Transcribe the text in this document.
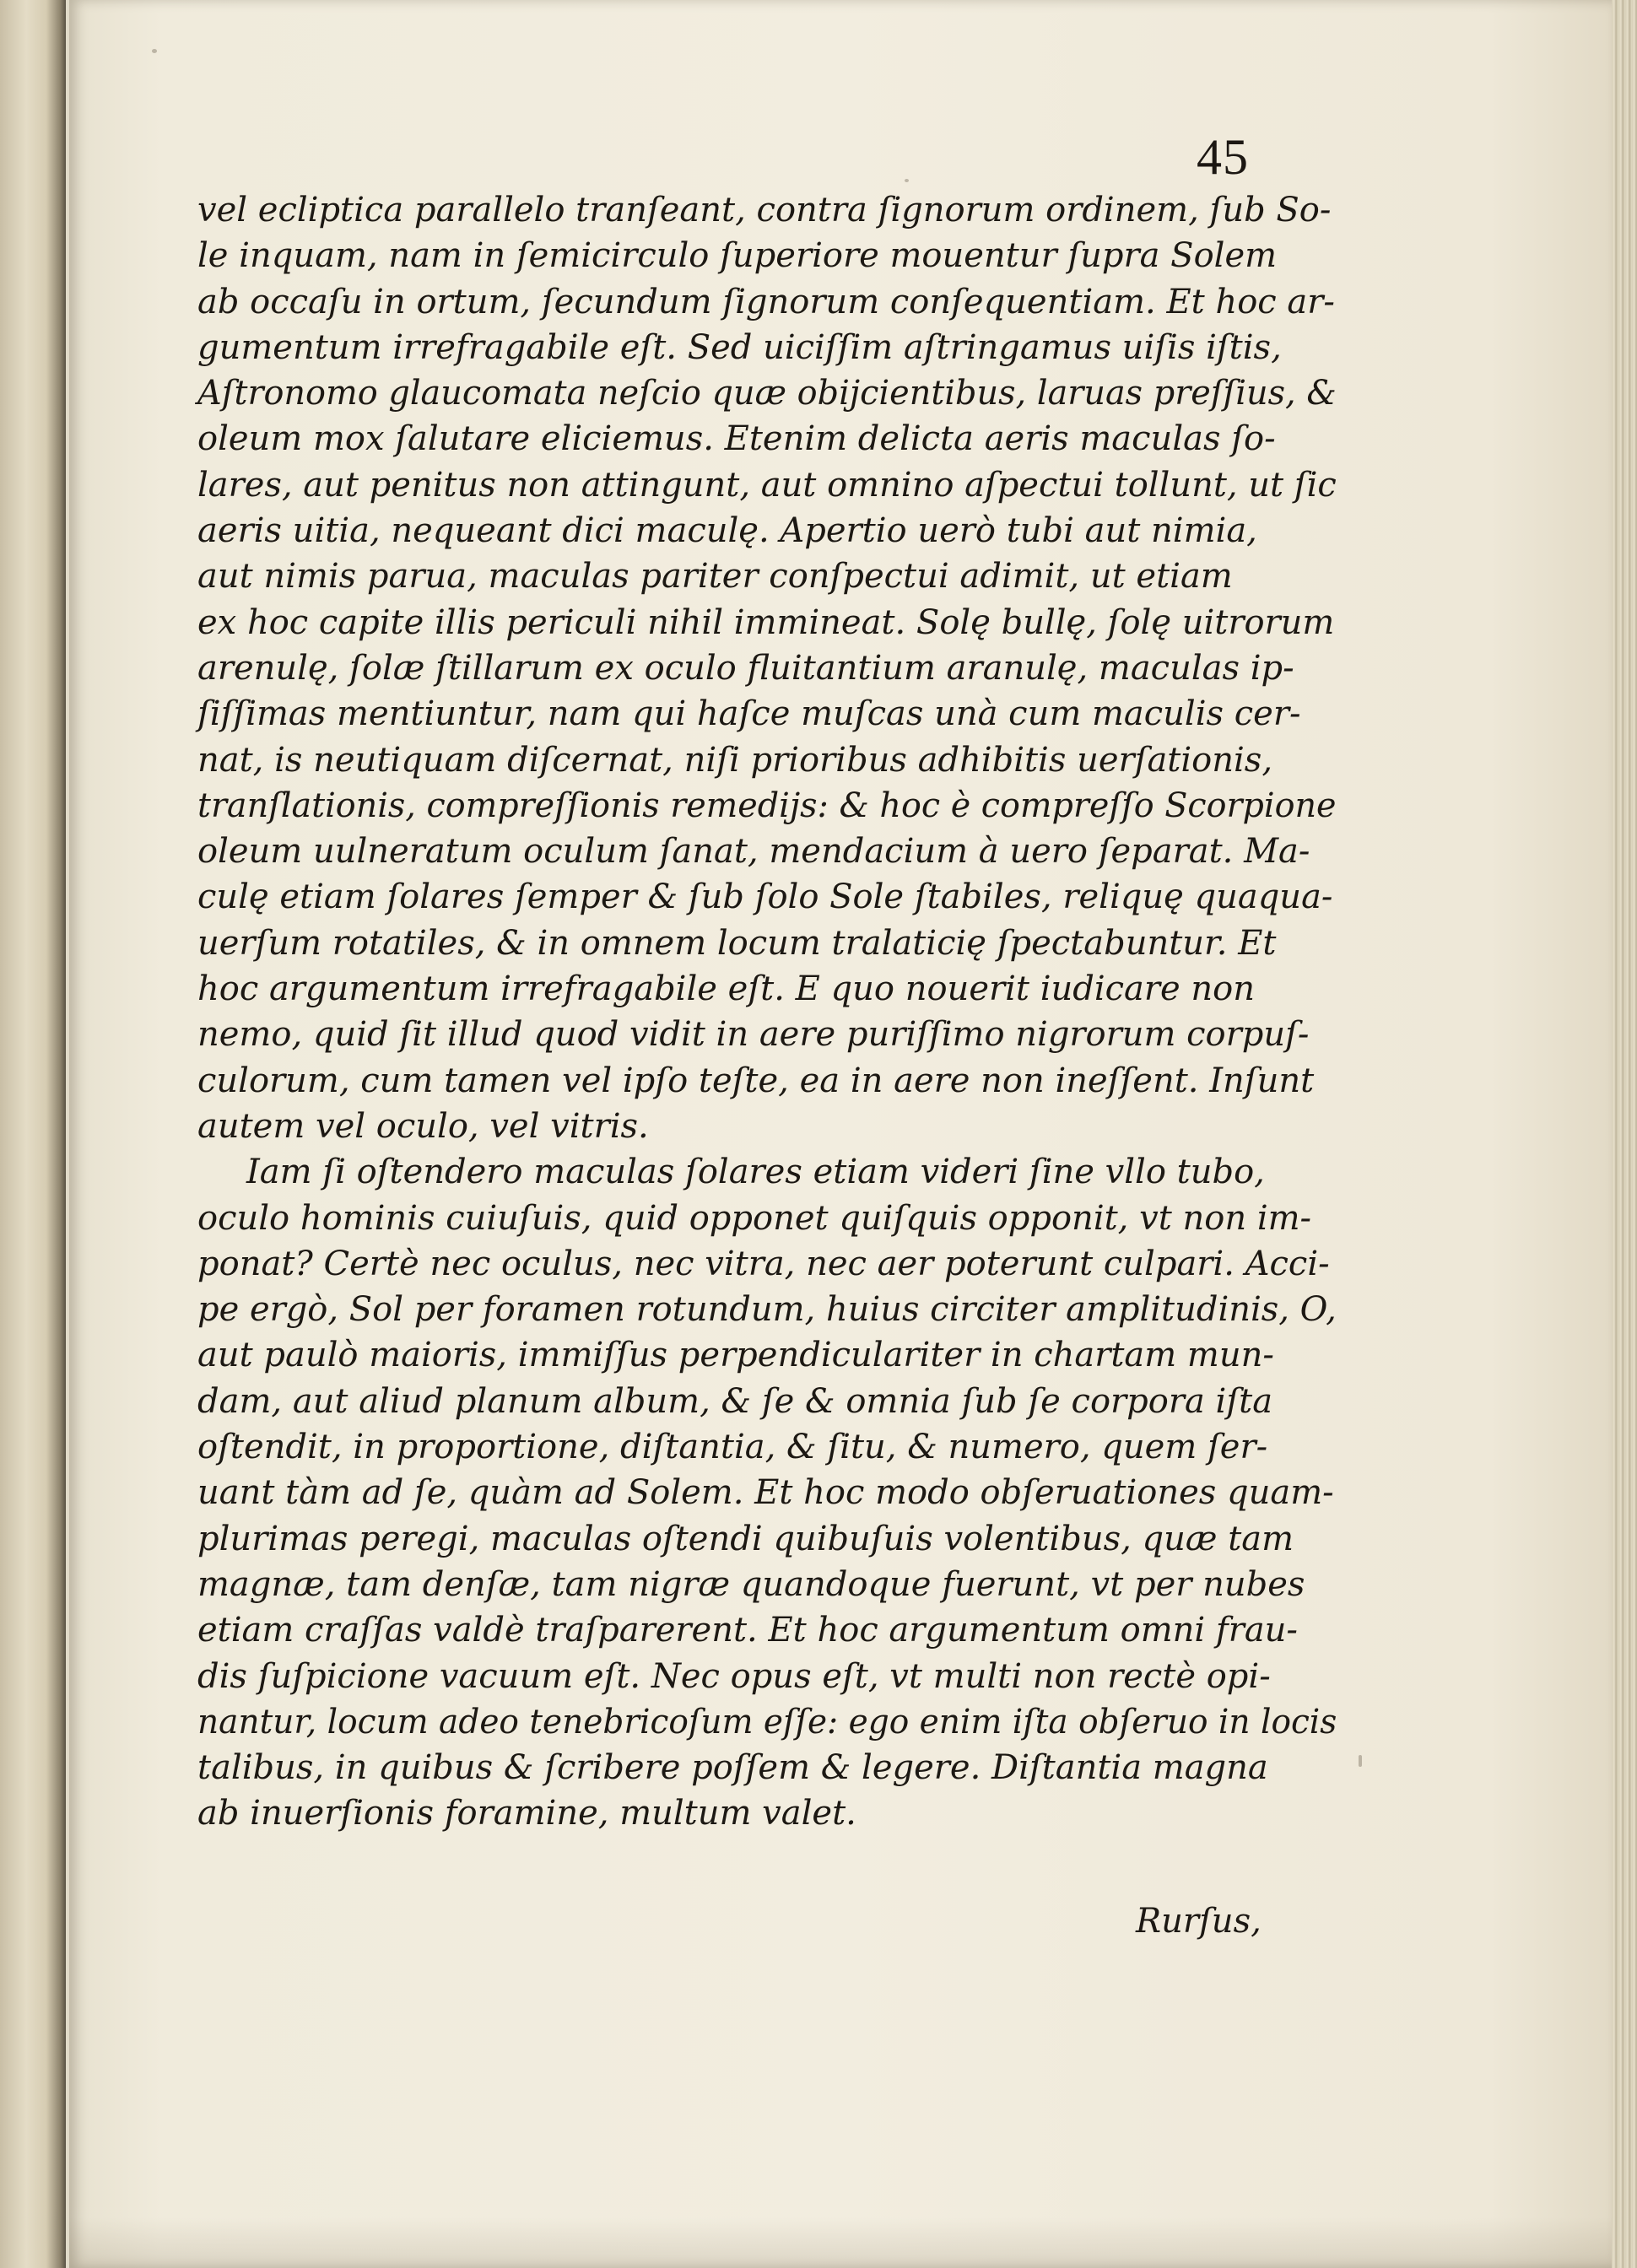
45
vel ecliptica parallelo tranſeant, contra ſignorum ordinem, ſub So-
le inquam, nam in ſemicirculo ſuperiore mouentur ſupra Solem
ab occaſu in ortum, ſecundum ſignorum conſequentiam. Et hoc ar-
gumentum irrefragabile eſt. Sed uiciſſim aſtringamus uiſis iſtis,
Aſtronomo glaucomata neſcio quæ obijcientibus, laruas preſſius, &
oleum mox ſalutare eliciemus. Etenim delicta aeris maculas ſo-
lares, aut penitus non attingunt, aut omnino aſpectui tollunt, ut ſic
aeris uitia, nequeant dici maculę. Apertio uerò tubi aut nimia,
aut nimis parua, maculas pariter conſpectui adimit, ut etiam
ex hoc capite illis periculi nihil immineat. Solę bullę, ſolę uitrorum
arenulę, ſolæ ſtillarum ex oculo fluitantium aranulę, maculas ip-
ſiſſimas mentiuntur, nam qui haſce muſcas unà cum maculis cer-
nat, is neutiquam diſcernat, niſi prioribus adhibitis uerſationis,
tranſlationis, compreſſionis remedijs: & hoc è compreſſo Scorpione
oleum uulneratum oculum ſanat, mendacium à uero ſeparat. Ma-
culę etiam ſolares ſemper & ſub ſolo Sole ſtabiles, reliquę quaqua-
uerſum rotatiles, & in omnem locum tralaticię ſpectabuntur. Et
hoc argumentum irrefragabile eſt. E quo nouerit iudicare non
nemo, quid ſit illud quod vidit in aere puriſſimo nigrorum corpuſ-
culorum, cum tamen vel ipſo teſte, ea in aere non ineſſent. Inſunt
autem vel oculo, vel vitris.
Iam ſi oſtendero maculas ſolares etiam videri ſine vllo tubo,
oculo hominis cuiuſuis, quid opponet quiſquis opponit, vt non im-
ponat? Certè nec oculus, nec vitra, nec aer poterunt culpari. Acci-
pe ergò, Sol per foramen rotundum, huius circiter amplitudinis, O,
aut paulò maioris, immiſſus perpendiculariter in chartam mun-
dam, aut aliud planum album, & ſe & omnia ſub ſe corpora iſta
oſtendit, in proportione, diſtantia, & ſitu, & numero, quem ſer-
uant tàm ad ſe, quàm ad Solem. Et hoc modo obſeruationes quam-
plurimas peregi, maculas oſtendi quibuſuis volentibus, quæ tam
magnæ, tam denſæ, tam nigræ quandoque fuerunt, vt per nubes
etiam craſſas valdè traſparerent. Et hoc argumentum omni frau-
dis ſuſpicione vacuum eſt. Nec opus eſt, vt multi non rectè opi-
nantur, locum adeo tenebricoſum eſſe: ego enim iſta obſeruo in locis
talibus, in quibus & ſcribere poſſem & legere. Diſtantia magna
ab inuerſionis foramine, multum valet.
Rurſus,
